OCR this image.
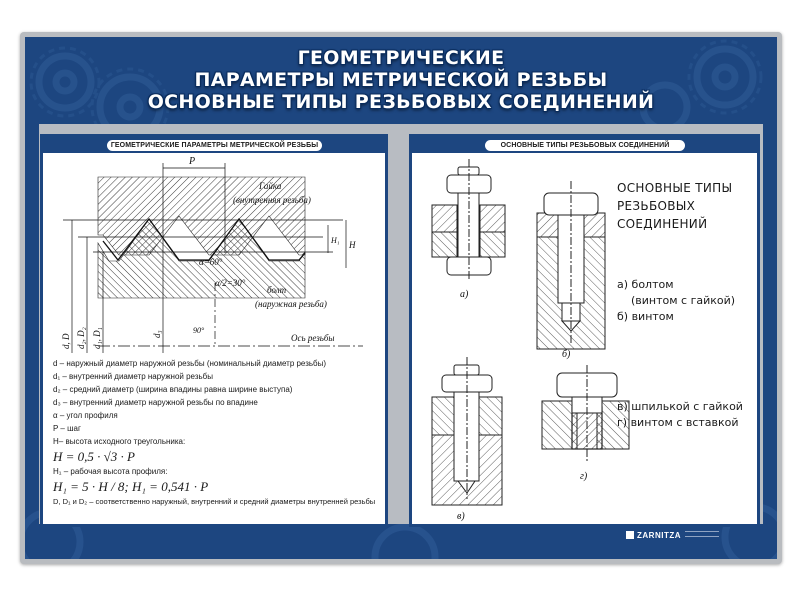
ГЕОМЕТРИЧЕСКИЕ
ПАРАМЕТРЫ МЕТРИЧЕСКОЙ РЕЗЬБЫ
ОСНОВНЫЕ ТИПЫ РЕЗЬБОВЫХ СОЕДИНЕНИЙ
ГЕОМЕТРИЧЕСКИЕ ПАРАМЕТРЫ МЕТРИЧЕСКОЙ РЕЗЬБЫ
P
Гайка
(внутренняя резьба)
α=60°
α/2=30°
болт
(наружная резьба)
Ось резьбы
90°
H₁ H
d, D d₂, D₂ d₁, D₁	d₃
d – наружный диаметр наружной резьбы (номинальный диаметр резьбы)
d₁ – внутренний диаметр наружной резьбы
d₂ – средний диаметр (ширина впадины равна ширине выступа)
d₃ – внутренний диаметр наружной резьбы по впадине
α – угол профиля
P – шаг
H– высота исходного треугольника:
H = 0,5 · √3 · P
H₁ – рабочая высота профиля:
H₁ = 5 · H / 8; H₁ = 0,541 · P
D, D₁ и D₂ – соответственно наружный, внутренний и средний диаметры внутренней резьбы
ОСНОВНЫЕ ТИПЫ РЕЗЬБОВЫХ СОЕДИНЕНИЙ
а)
б)
в)
г)
ОСНОВНЫЕ ТИПЫ
РЕЗЬБОВЫХ
СОЕДИНЕНИЙ
а) болтом
(винтом с гайкой)
б) винтом
в) шпилькой с гайкой
г) винтом с вставкой
ZARNITZA
